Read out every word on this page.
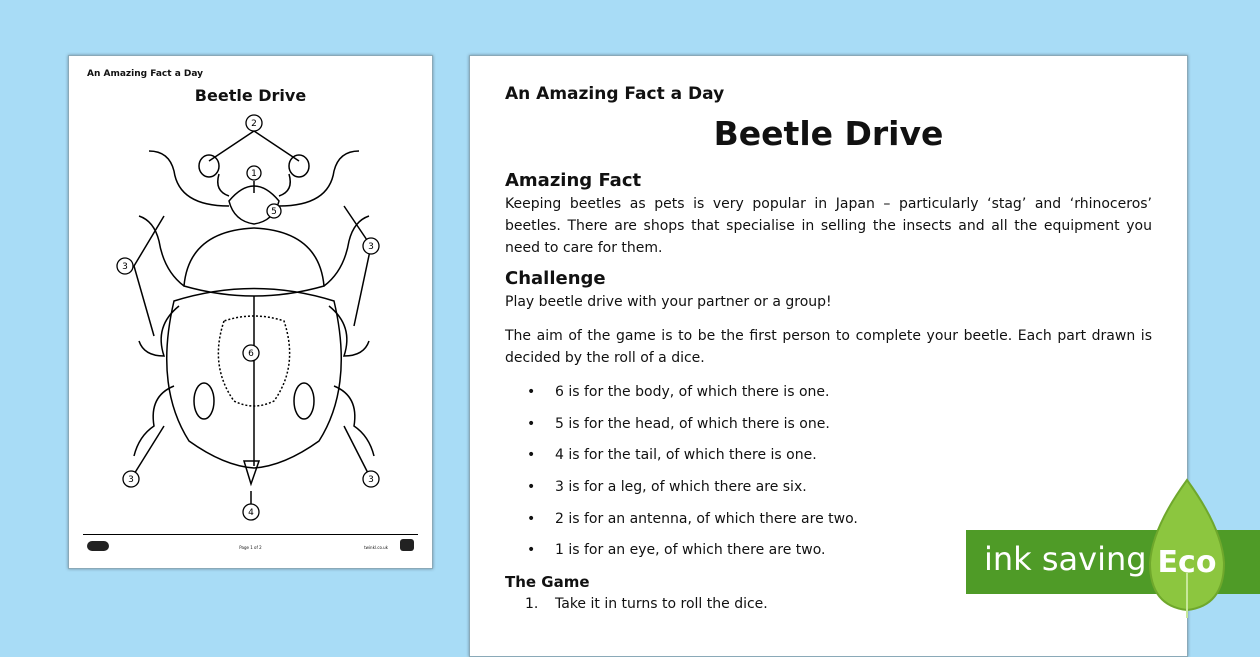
An Amazing Fact a Day
Beetle Drive
2
1
5
3
3
6
3	3
4
Page 1 of 2	twinkl.co.uk
An Amazing Fact a Day
Beetle Drive
Amazing Fact

Keeping beetles as pets is very popular in Japan – particularly ‘stag’ and ‘rhinoceros’ beetles. There are shops that specialise in selling the insects and all the equipment you need to care for them.

Challenge

Play beetle drive with your partner or a group!

The aim of the game is to be the first person to complete your beetle. Each part drawn is decided by the roll of a dice.

• 6 is for the body, of which there is one.
• 5 is for the head, of which there is one.
• 4 is for the tail, of which there is one.
• 3 is for a leg, of which there are six.
• 2 is for an antenna, of which there are two.
• 1 is for an eye, of which there are two.
The Game
1. Take it in turns to roll the dice.
ink saving Eco
